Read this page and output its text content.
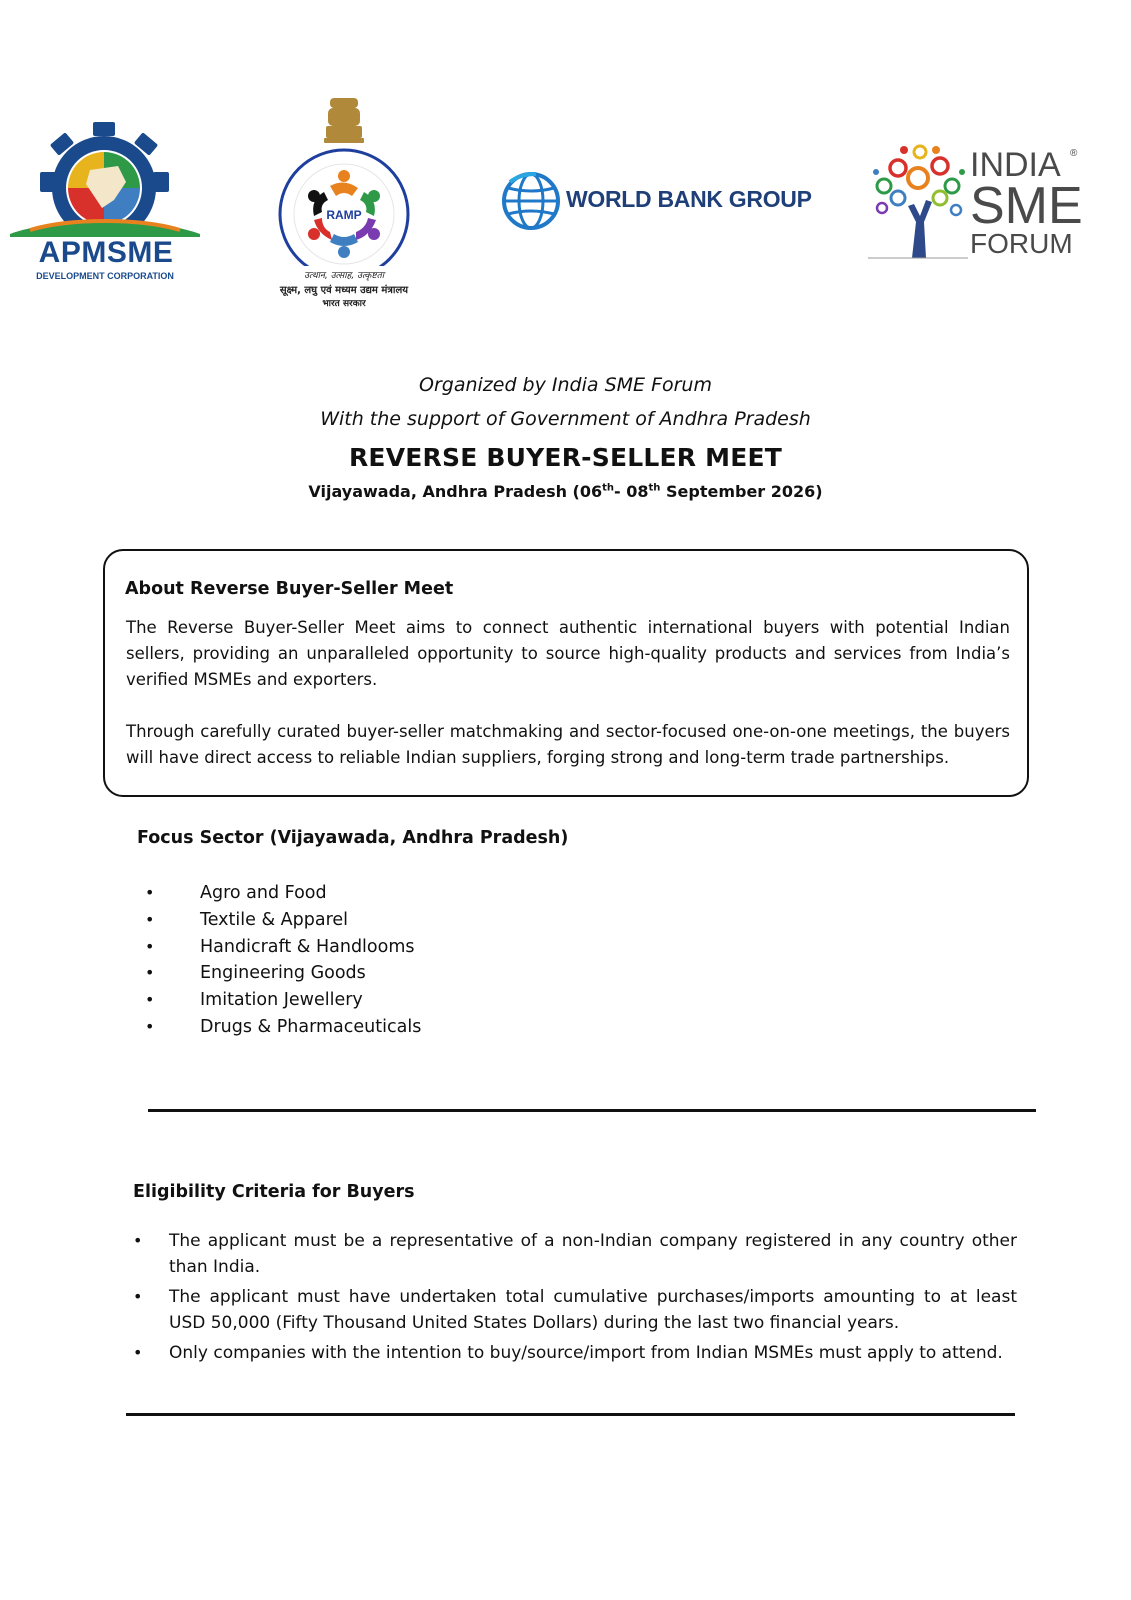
APMSME
DEVELOPMENT CORPORATION
RAMP
उत्थान, उत्साह, उत्कृष्टता
सूक्ष्म, लघु एवं मध्यम उद्यम मंत्रालय
भारत सरकार
WORLD BANK GROUP
INDIA ®
SME
FORUM
Organized by India SME Forum
With the support of Government of Andhra Pradesh
REVERSE BUYER-SELLER MEET
Vijayawada, Andhra Pradesh (06th- 08th September 2026)
About Reverse Buyer-Seller Meet

The Reverse Buyer-Seller Meet aims to connect authentic international buyers with potential Indian sellers, providing an unparalleled opportunity to source high-quality products and services from India’s verified MSMEs and exporters.

Through carefully curated buyer-seller matchmaking and sector-focused one-on-one meetings, the buyers will have direct access to reliable Indian suppliers, forging strong and long-term trade partnerships.

Focus Sector (Vijayawada, Andhra Pradesh)
• Agro and Food
• Textile & Apparel
• Handicraft & Handlooms
• Engineering Goods
• Imitation Jewellery
• Drugs & Pharmaceuticals
Eligibility Criteria for Buyers
• The applicant must be a representative of a non-Indian company registered in any country other than India.
• The applicant must have undertaken total cumulative purchases/imports amounting to at least USD 50,000 (Fifty Thousand United States Dollars) during the last two financial years.
• Only companies with the intention to buy/source/import from Indian MSMEs must apply to attend.
